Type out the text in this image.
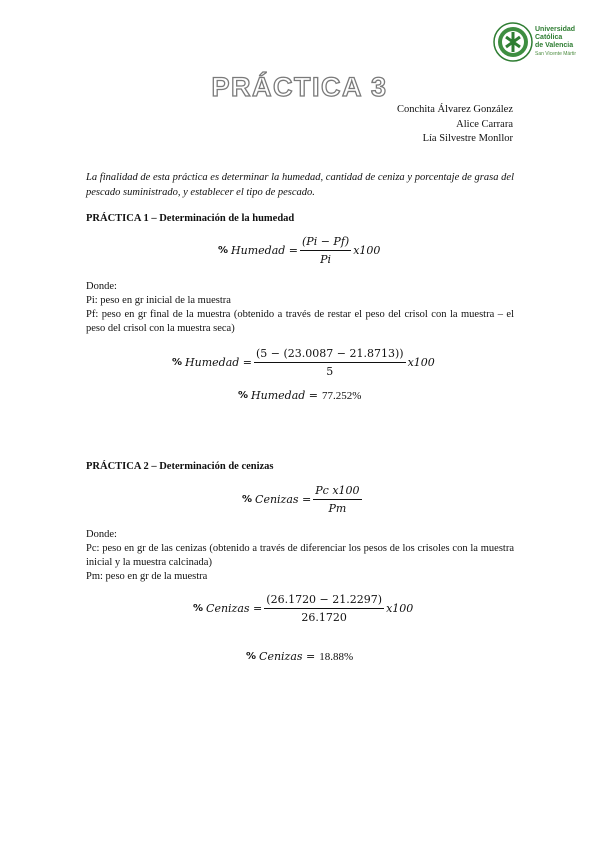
Universidad
Católica
de Valencia
San Vicente Mártir
PRÁCTICA 3
Conchita Álvarez González
Alice Carrara
Lía Silvestre Monllor
La finalidad de esta práctica es determinar la humedad, cantidad de ceniza y porcentaje de grasa del pescado suministrado, y establecer el tipo de pescado.
PRÁCTICA 1 – Determinación de la humedad
% Humedad = $\frac{(Pi - Pf)}{Pi} x100$
Donde:
Pi: peso en gr inicial de la muestra
Pf: peso en gr final de la muestra (obtenido a través de restar el peso del crisol con la muestra – el peso del crisol con la muestra seca)
% Humedad = $\frac{(5 - (23.0087 - 21.8713))}{5} x100$
% Humedad = 77.252%
PRÁCTICA 2 – Determinación de cenizas
% Cenizas = $\frac{\text{Pc x100}}{Pm}$
Donde:
Pc: peso en gr de las cenizas (obtenido a través de diferenciar los pesos de los crisoles con la muestra inicial y la muestra calcinada)
Pm: peso en gr de la muestra
% Cenizas = $\frac{(26.1720 - 21.2297)}{26.1720} x100$
% Cenizas = 18.88%
